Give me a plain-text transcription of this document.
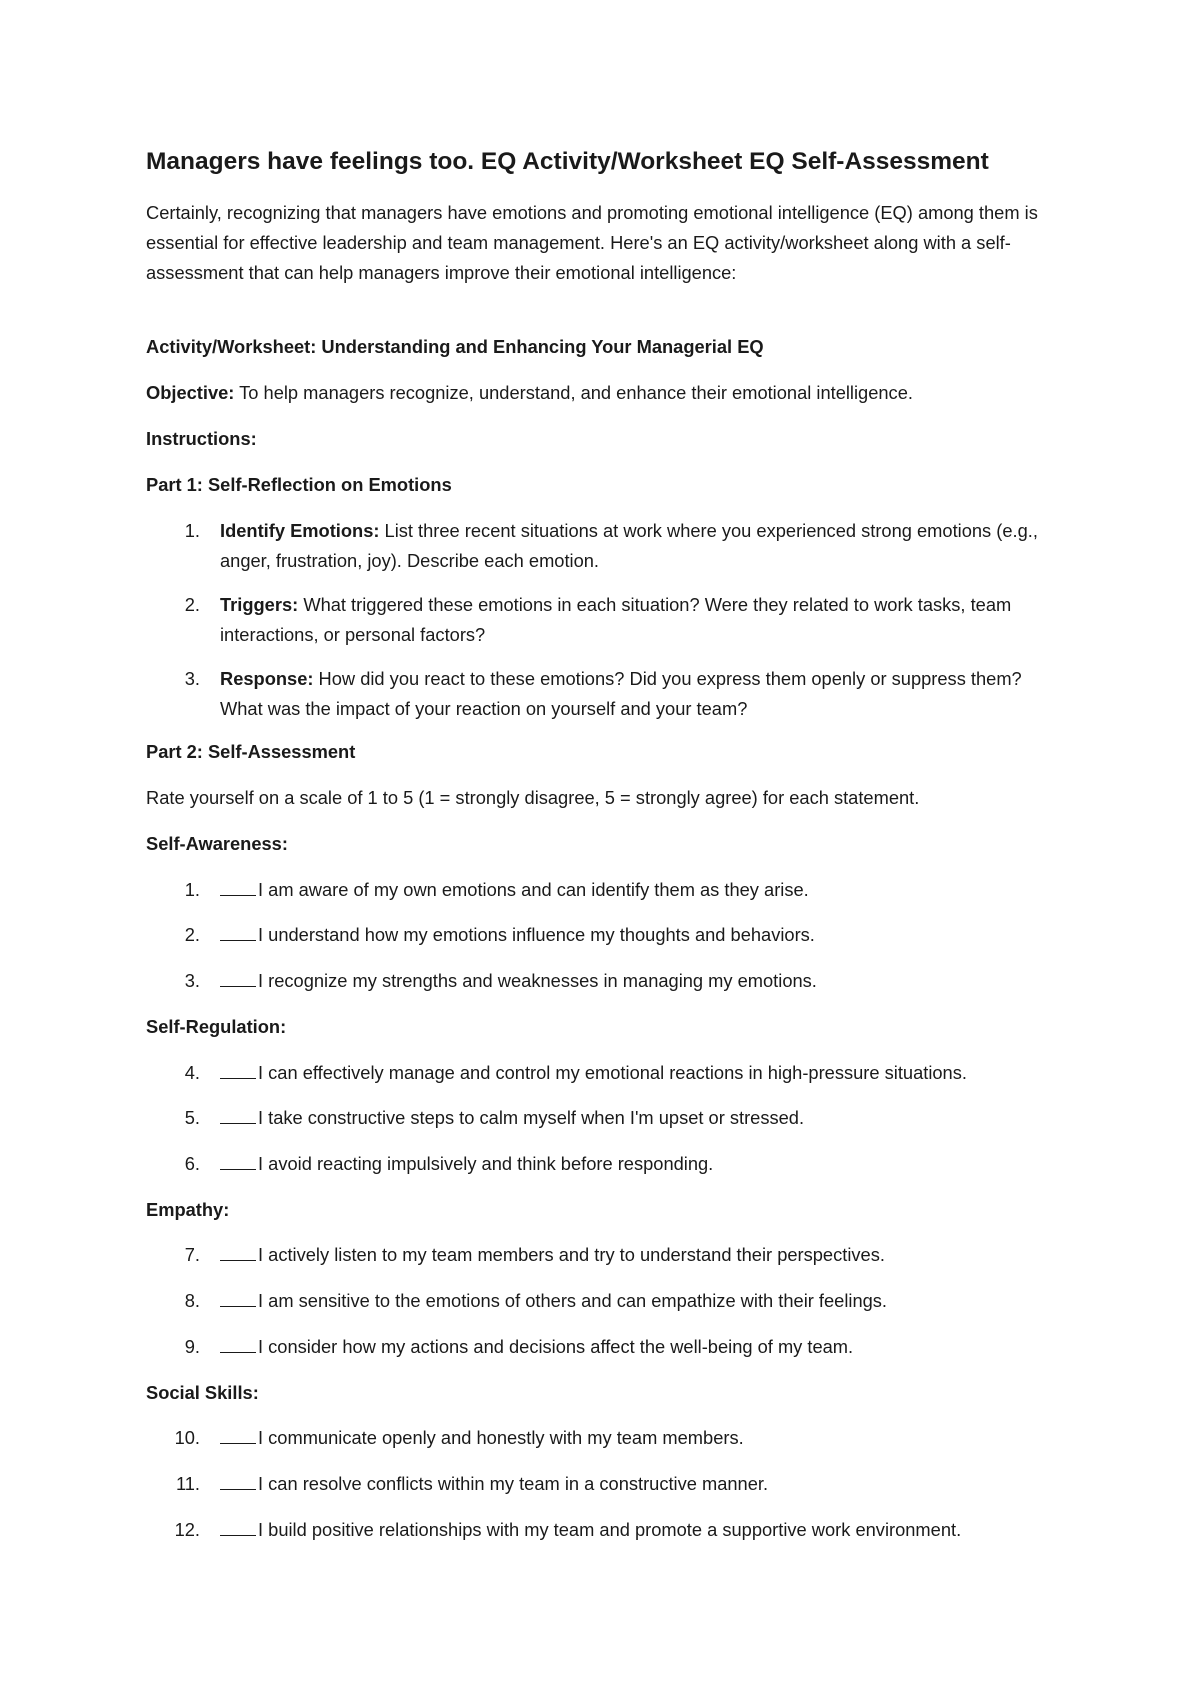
Managers have feelings too. EQ Activity/Worksheet EQ Self-Assessment

Certainly, recognizing that managers have emotions and promoting emotional intelligence (EQ) among them is essential for effective leadership and team management. Here's an EQ activity/worksheet along with a self-assessment that can help managers improve their emotional intelligence:

Activity/Worksheet: Understanding and Enhancing Your Managerial EQ

Objective: To help managers recognize, understand, and enhance their emotional intelligence.

Instructions:

Part 1: Self-Reflection on Emotions

1. Identify Emotions: List three recent situations at work where you experienced strong emotions (e.g., anger, frustration, joy). Describe each emotion.
2. Triggers: What triggered these emotions in each situation? Were they related to work tasks, team interactions, or personal factors?
3. Response: How did you react to these emotions? Did you express them openly or suppress them? What was the impact of your reaction on yourself and your team?

Part 2: Self-Assessment

Rate yourself on a scale of 1 to 5 (1 = strongly disagree, 5 = strongly agree) for each statement.

Self-Awareness:

1.	I am aware of my own emotions and can identify them as they arise.
2.	I understand how my emotions influence my thoughts and behaviors.
3.	I recognize my strengths and weaknesses in managing my emotions.

Self-Regulation:

4.	I can effectively manage and control my emotional reactions in high-pressure situations.
5.	I take constructive steps to calm myself when I'm upset or stressed.
6.	I avoid reacting impulsively and think before responding.

Empathy:

7.	I actively listen to my team members and try to understand their perspectives.
8.	I am sensitive to the emotions of others and can empathize with their feelings.
9.	I consider how my actions and decisions affect the well-being of my team.

Social Skills:

10.	I communicate openly and honestly with my team members.
11.	I can resolve conflicts within my team in a constructive manner.
12.	I build positive relationships with my team and promote a supportive work environment.
